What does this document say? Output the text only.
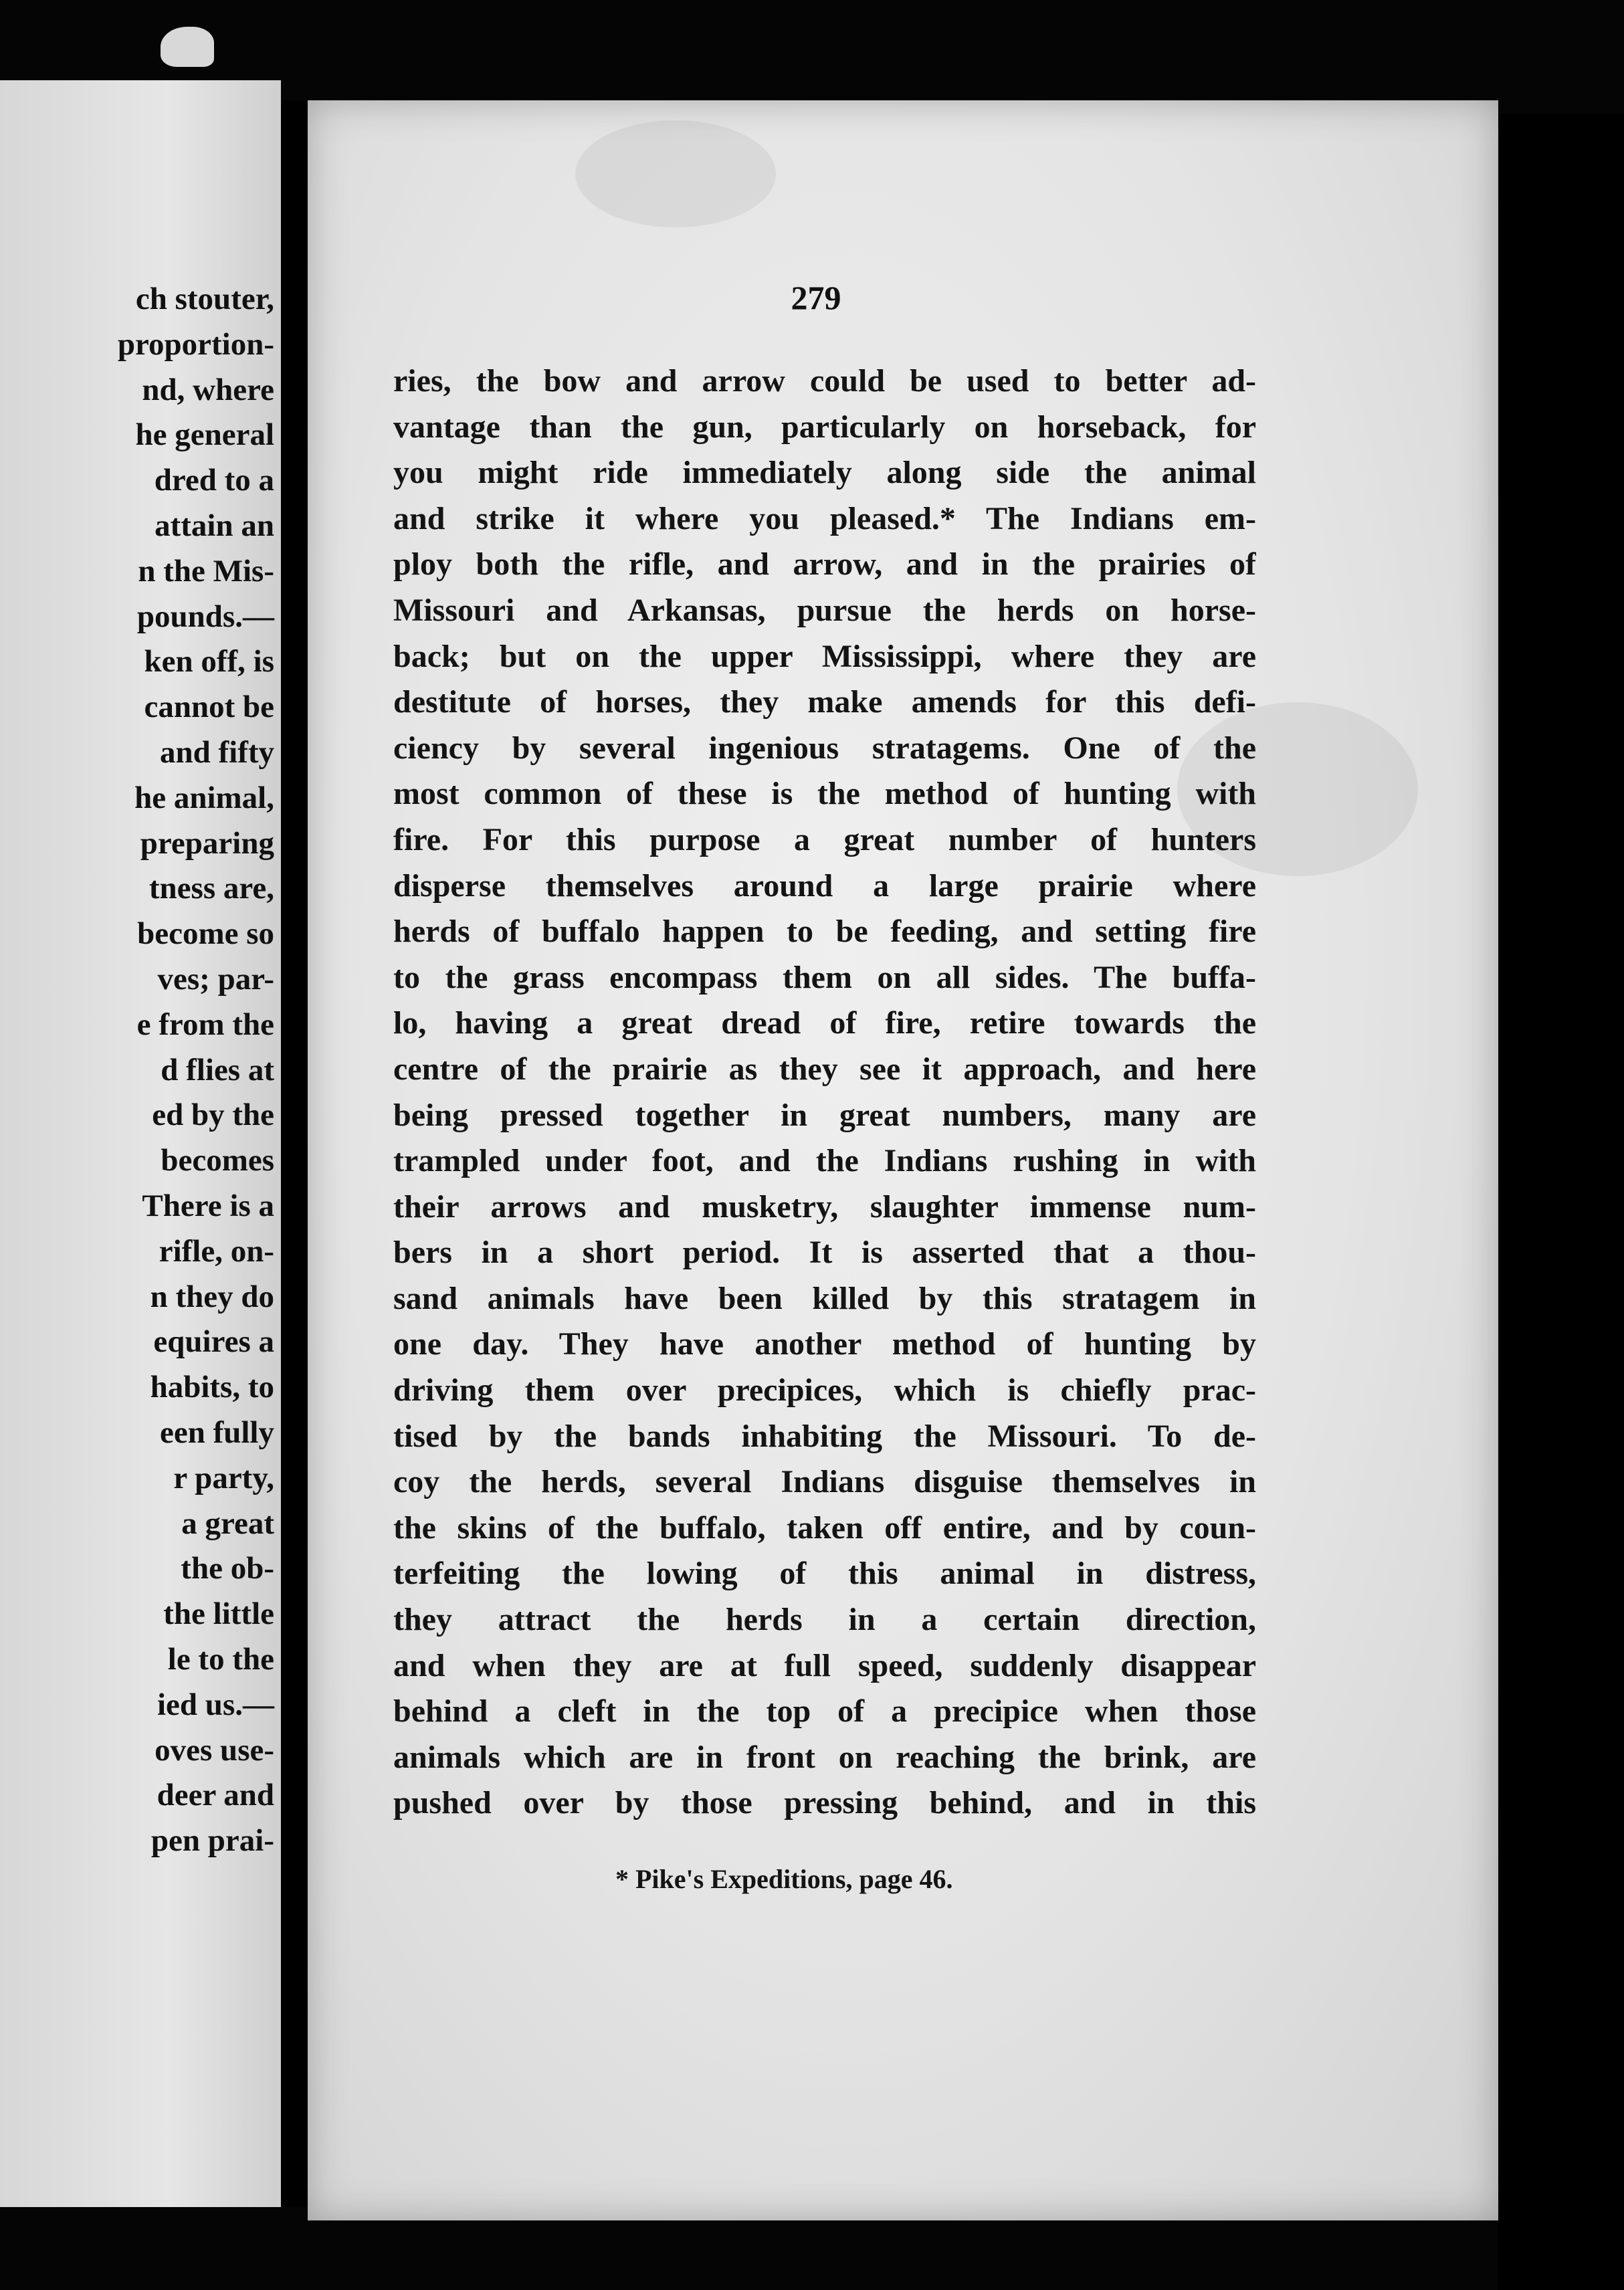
ch stouter,
proportion-
nd, where
he general
dred to a
attain an
n the Mis-
pounds.—
ken off, is
cannot be
and fifty
he animal,
preparing
tness are,
become so
ves; par-
e from the
d flies at
ed by the
becomes
There is a
rifle, on-
n they do
equires a
habits, to
een fully
r party,
a great
the ob-
the little
le to the
ied us.—
oves use-
deer and
pen prai-
279
ries, the bow and arrow could be used to better ad-
vantage than the gun, particularly on horseback, for
you might ride immediately along side the animal
and strike it where you pleased.* The Indians em-
ploy both the rifle, and arrow, and in the prairies of
Missouri and Arkansas, pursue the herds on horse-
back; but on the upper Mississippi, where they are
destitute of horses, they make amends for this defi-
ciency by several ingenious stratagems. One of the
most common of these is the method of hunting with
fire. For this purpose a great number of hunters
disperse themselves around a large prairie where
herds of buffalo happen to be feeding, and setting fire
to the grass encompass them on all sides. The buffa-
lo, having a great dread of fire, retire towards the
centre of the prairie as they see it approach, and here
being pressed together in great numbers, many are
trampled under foot, and the Indians rushing in with
their arrows and musketry, slaughter immense num-
bers in a short period. It is asserted that a thou-
sand animals have been killed by this stratagem in
one day. They have another method of hunting by
driving them over precipices, which is chiefly prac-
tised by the bands inhabiting the Missouri. To de-
coy the herds, several Indians disguise themselves in
the skins of the buffalo, taken off entire, and by coun-
terfeiting the lowing of this animal in distress,
they attract the herds in a certain direction,
and when they are at full speed, suddenly disappear
behind a cleft in the top of a precipice when those
animals which are in front on reaching the brink, are
pushed over by those pressing behind, and in this
* Pike's Expeditions, page 46.
